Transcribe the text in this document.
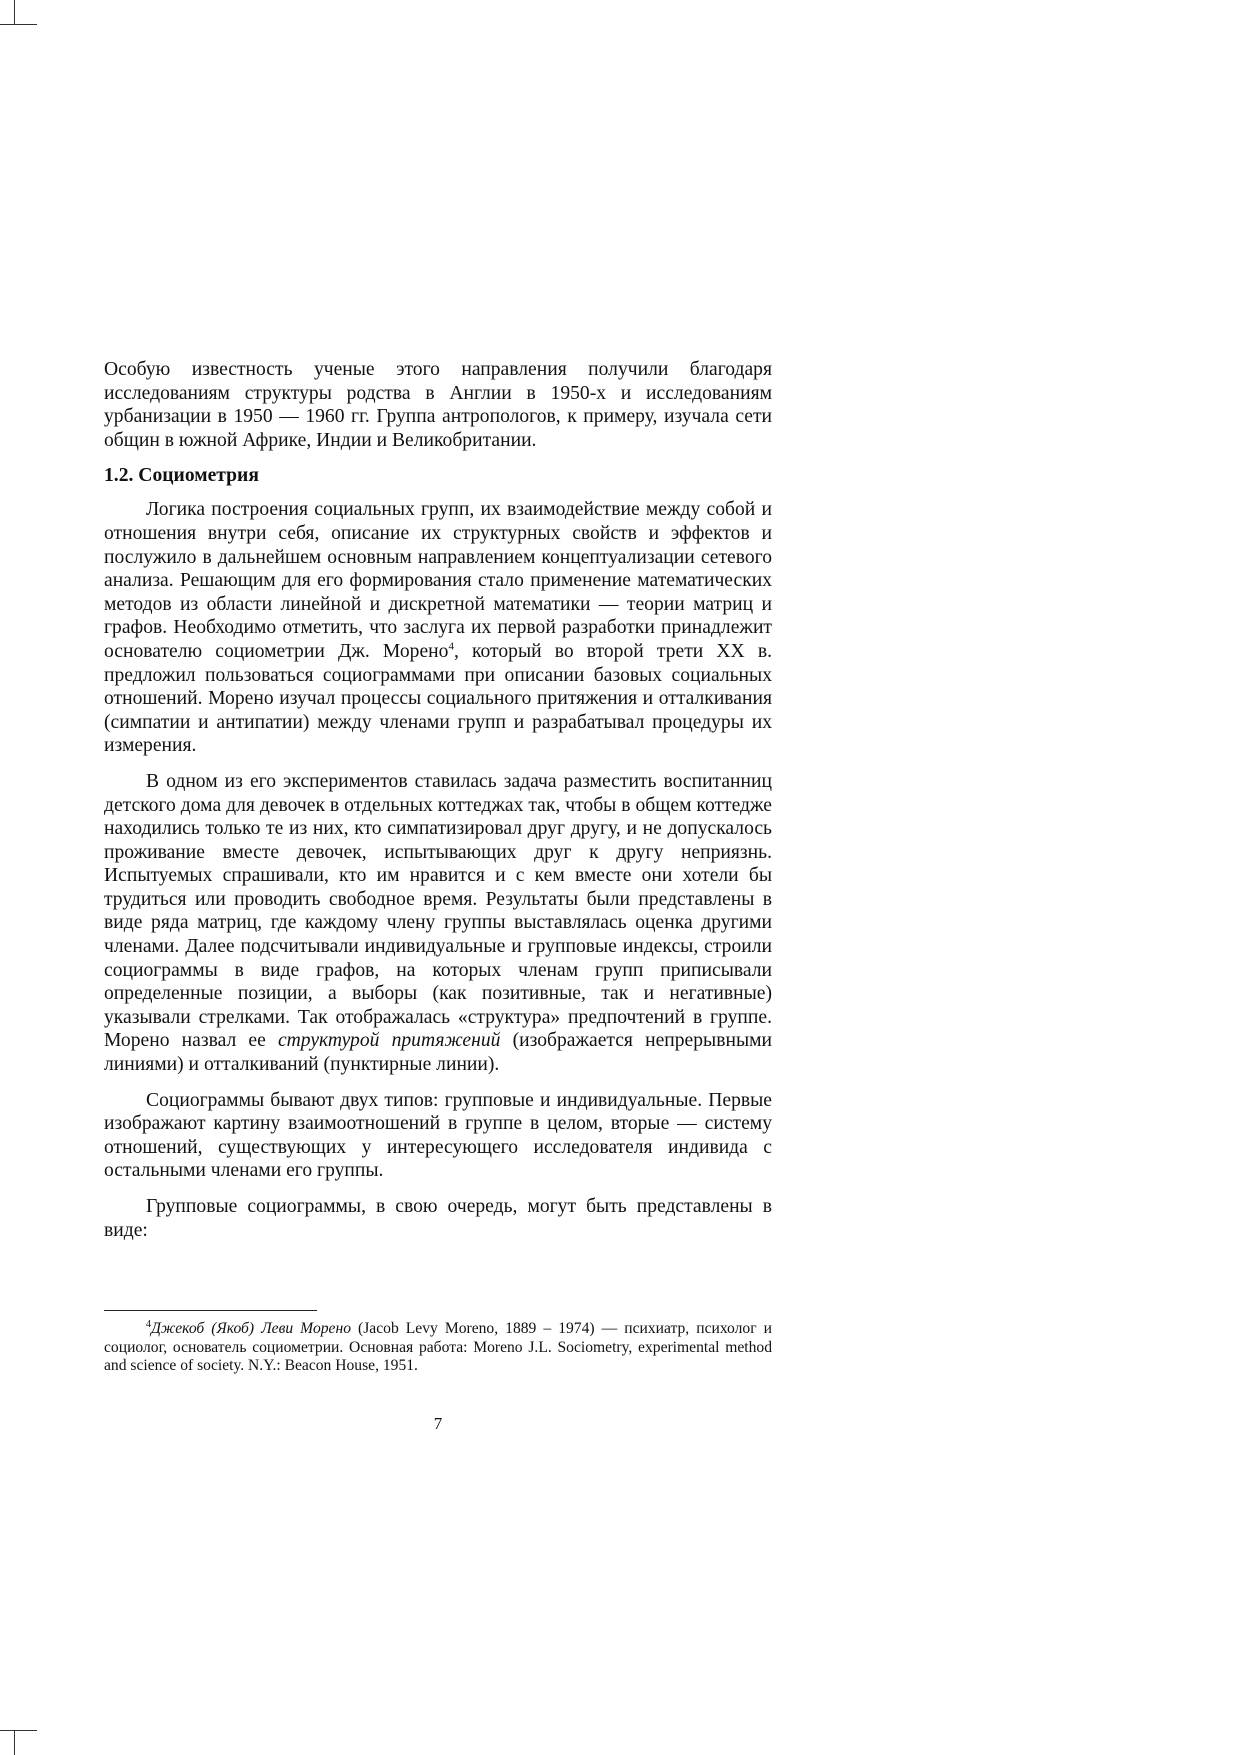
Особую известность ученые этого направления получили благодаря исследованиям структуры родства в Англии в 1950-х и исследованиям урбанизации в 1950 — 1960 гг. Группа антропологов, к примеру, изучала сети общин в южной Африке, Индии и Великобритании.

1.2. Социометрия

Логика построения социальных групп, их взаимодействие между собой и отношения внутри себя, описание их структурных свойств и эффектов и послужило в дальнейшем основным направлением концептуализации сетевого анализа. Решающим для его формирования стало применение математических методов из области линейной и дискретной математики — теории матриц и графов. Необходимо отметить, что заслуга их первой разработки принадлежит основателю социометрии Дж. Морено$^4$, который во второй трети XX в. предложил пользоваться социограммами при описании базовых социальных отношений. Морено изучал процессы социального притяжения и отталкивания (симпатии и антипатии) между членами групп и разрабатывал процедуры их измерения.

В одном из его экспериментов ставилась задача разместить воспитанниц детского дома для девочек в отдельных коттеджах так, чтобы в общем коттедже находились только те из них, кто симпатизировал друг другу, и не допускалось проживание вместе девочек, испытывающих друг к другу неприязнь. Испытуемых спрашивали, кто им нравится и с кем вместе они хотели бы трудиться или проводить свободное время. Результаты были представлены в виде ряда матриц, где каждому члену группы выставлялась оценка другими членами. Далее подсчитывали индивидуальные и групповые индексы, строили социограммы в виде графов, на которых членам групп приписывали определенные позиции, а выборы (как позитивные, так и негативные) указывали стрелками. Так отображалась «структура» предпочтений в группе. Морено назвал ее структурой притяжений (изображается непрерывными линиями) и отталкиваний (пунктирные линии).

Социограммы бывают двух типов: групповые и индивидуальные. Первые изображают картину взаимоотношений в группе в целом, вторые — систему отношений, существующих у интересующего исследователя индивида с остальными членами его группы.

Групповые социограммы, в свою очередь, могут быть представлены в виде:

$^4$Джекоб (Якоб) Леви Морено (Jacob Levy Moreno, 1889 – 1974) — психиатр, психолог и социолог, основатель социометрии. Основная работа: Moreno J.L. Sociometry, experimental method and science of society. N.Y.: Beacon House, 1951.

7
